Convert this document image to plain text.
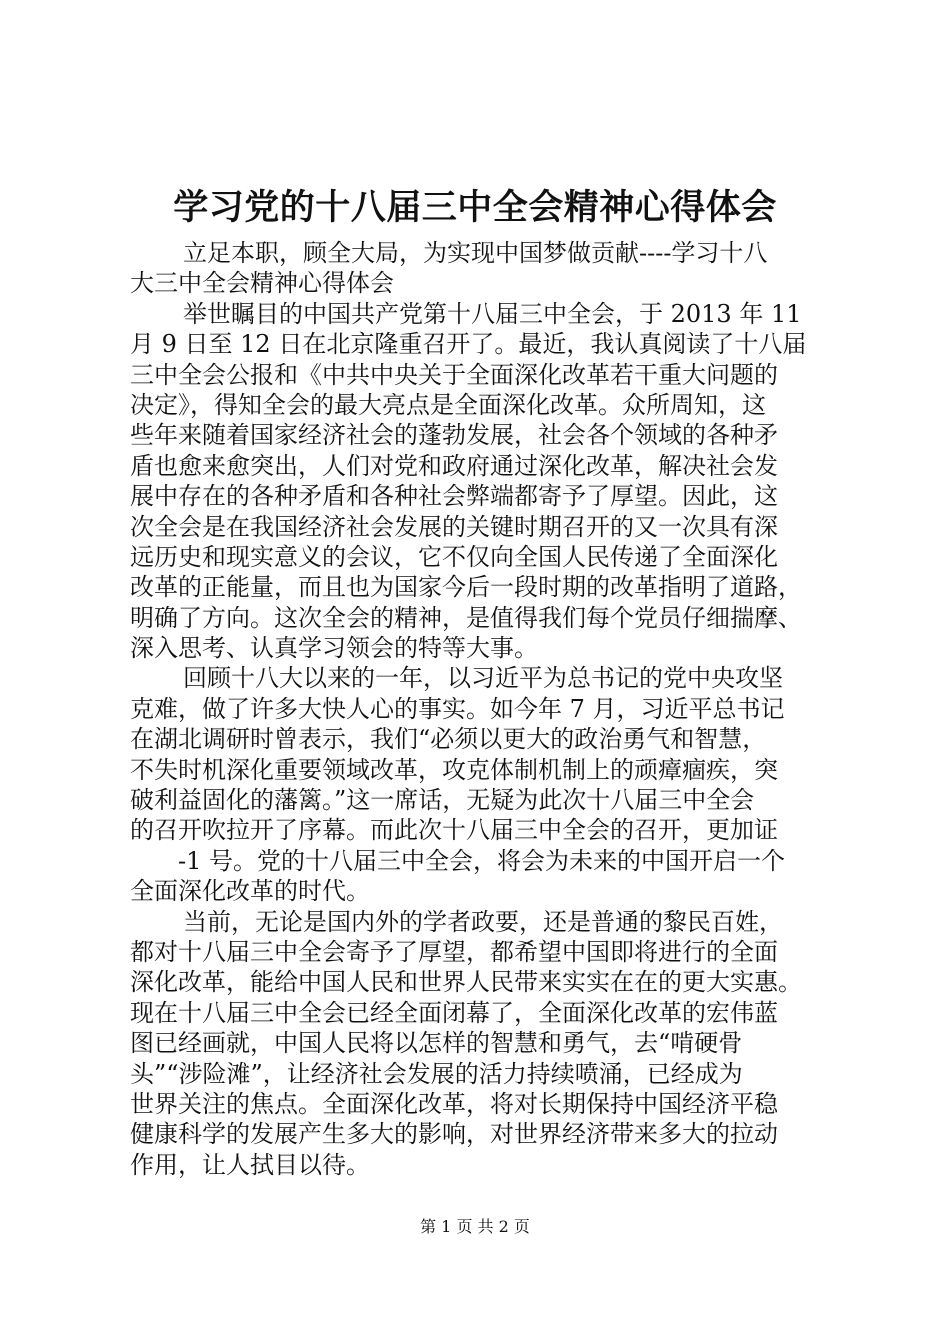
学习党的十八届三中全会精神心得体会
立足本职，顾全大局，为实现中国梦做贡献----学习十八
大三中全会精神心得体会
举世瞩目的中国共产党第十八届三中全会，于 2013 年 11
月 9 日至 12 日在北京隆重召开了。最近，我认真阅读了十八届
三中全会公报和《中共中央关于全面深化改革若干重大问题的
决定》，得知全会的最大亮点是全面深化改革。众所周知，这
些年来随着国家经济社会的蓬勃发展，社会各个领域的各种矛
盾也愈来愈突出，人们对党和政府通过深化改革，解决社会发
展中存在的各种矛盾和各种社会弊端都寄予了厚望。因此，这
次全会是在我国经济社会发展的关键时期召开的又一次具有深
远历史和现实意义的会议，它不仅向全国人民传递了全面深化
改革的正能量，而且也为国家今后一段时期的改革指明了道路，
明确了方向。这次全会的精神，是值得我们每个党员仔细揣摩、
深入思考、认真学习领会的特等大事。
回顾十八大以来的一年，以习近平为总书记的党中央攻坚
克难，做了许多大快人心的事实。如今年 7 月，习近平总书记
在湖北调研时曾表示，我们“必须以更大的政治勇气和智慧，
不失时机深化重要领域改革，攻克体制机制上的顽瘴痼疾，突
破利益固化的藩篱。”这一席话，无疑为此次十八届三中全会
的召开吹拉开了序幕。而此次十八届三中全会的召开，更加证
-1 号。党的十八届三中全会，将会为未来的中国开启一个
全面深化改革的时代。
当前，无论是国内外的学者政要，还是普通的黎民百姓，
都对十八届三中全会寄予了厚望，都希望中国即将进行的全面
深化改革，能给中国人民和世界人民带来实实在在的更大实惠。
现在十八届三中全会已经全面闭幕了，全面深化改革的宏伟蓝
图已经画就，中国人民将以怎样的智慧和勇气，去“啃硬骨
头”“涉险滩”，让经济社会发展的活力持续喷涌，已经成为
世界关注的焦点。全面深化改革，将对长期保持中国经济平稳
健康科学的发展产生多大的影响，对世界经济带来多大的拉动
作用，让人拭目以待。
第 1 页 共 2 页
